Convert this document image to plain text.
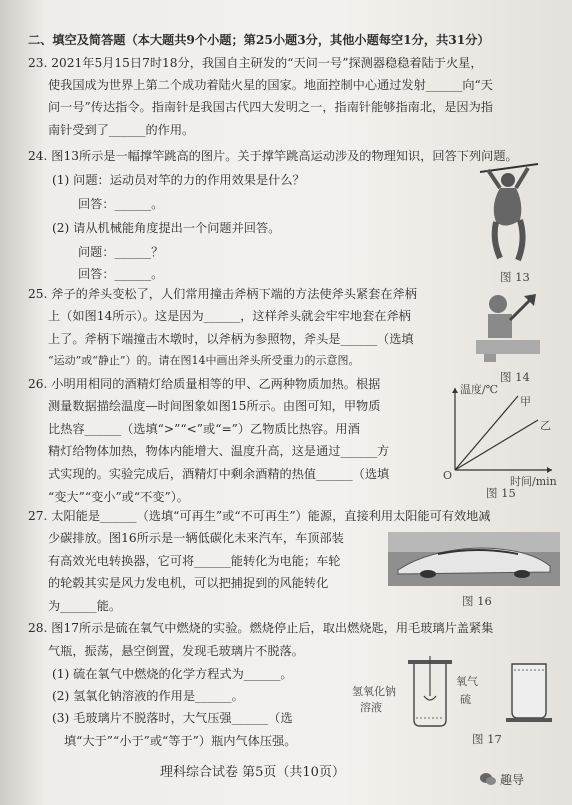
二、填空及简答题（本大题共9个小题；第25小题3分，其他小题每空1分，共31分）
23. 2021年5月15日7时18分，我国自主研发的“天问一号”探测器稳稳着陆于火星，
使我国成为世界上第二个成功着陆火星的国家。地面控制中心通过发射______向“天
问一号”传达指令。指南针是我国古代四大发明之一，指南针能够指南北，是因为指
南针受到了______的作用。
24. 图13所示是一幅撑竿跳高的图片。关于撑竿跳高运动涉及的物理知识，回答下列问题。
(1) 问题：运动员对竿的力的作用效果是什么？
回答：______。
(2) 请从机械能角度提出一个问题并回答。
问题：______？
回答：______。	图 13
25. 斧子的斧头变松了，人们常用撞击斧柄下端的方法使斧头紧套在斧柄
上（如图14所示）。这是因为______，这样斧头就会牢牢地套在斧柄
上了。斧柄下端撞击木墩时，以斧柄为参照物，斧头是______（选填
“运动”或“静止”）的。请在图14中画出斧头所受重力的示意图。
图 14
26. 小明用相同的酒精灯给质量相等的甲、乙两种物质加热。根据
测量数据描绘温度—时间图象如图15所示。由图可知，甲物质
比热容______（选填“>”“<”或“=”）乙物质比热容。用酒
精灯给物体加热，物体内能增大、温度升高，这是通过______方
式实现的。实验完成后，酒精灯中剩余酒精的热值______（选填
“变大”“变小”或“不变”）。
温度/℃
甲
乙
O	时间/min
图 15
27. 太阳能是______（选填“可再生”或“不可再生”）能源，直接利用太阳能可有效地减
少碳排放。图16所示是一辆低碳化未来汽车，车顶部装
有高效光电转换器，它可将______能转化为电能；车轮
的轮毂其实是风力发电机，可以把捕捉到的风能转化
为______能。	图 16
28. 图17所示是硫在氧气中燃烧的实验。燃烧停止后，取出燃烧匙，用毛玻璃片盖紧集
气瓶，振荡，悬空倒置，发现毛玻璃片不脱落。
(1) 硫在氧气中燃烧的化学方程式为______。
(2) 氢氧化钠溶液的作用是______。
(3) 毛玻璃片不脱落时，大气压强______（选
填“大于”“小于”或“等于”）瓶内气体压强。
氢氧化钠
溶液
氧气
硫
图 17
理科综合试卷 第5页（共10页）	趣导
